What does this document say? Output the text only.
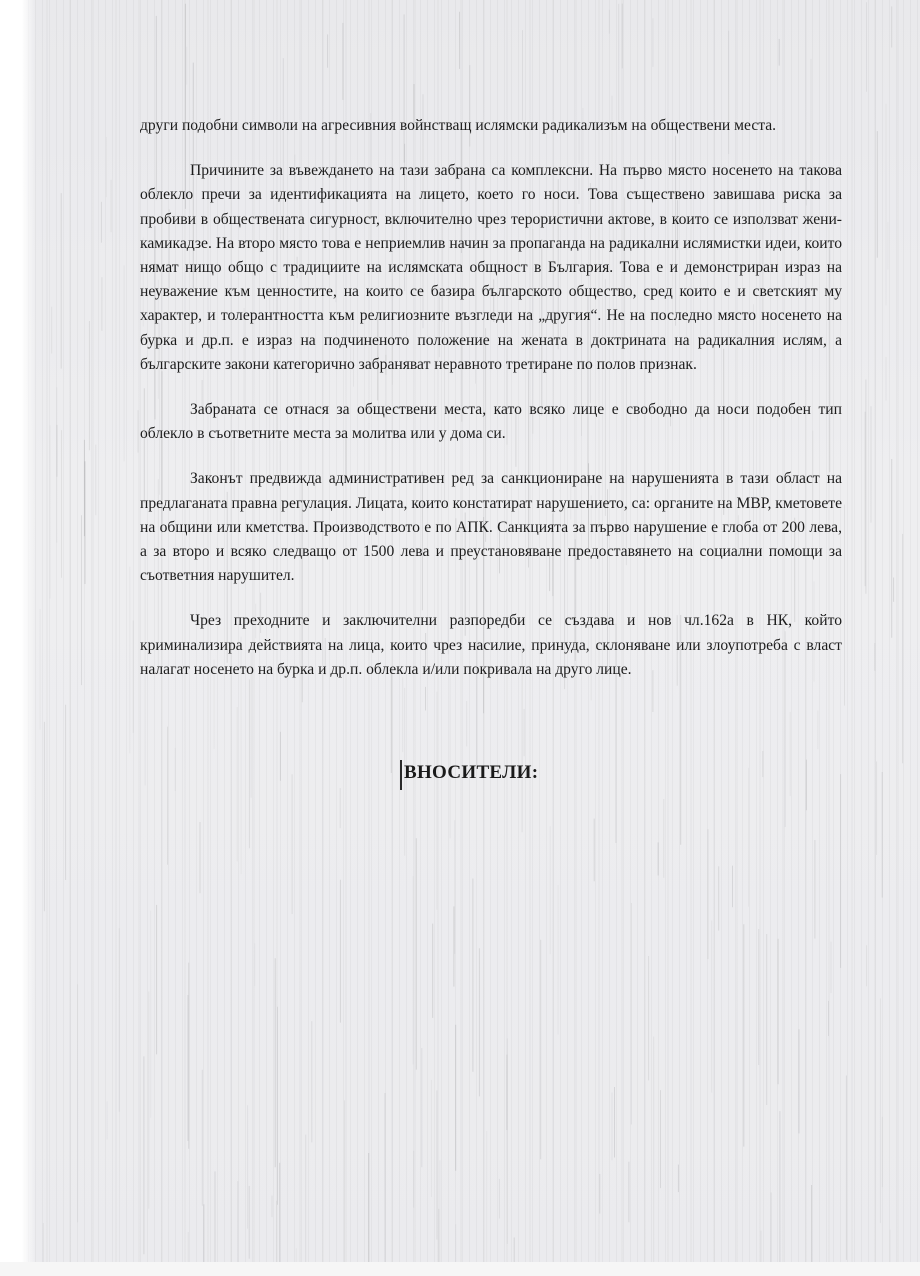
други подобни символи на агресивния войнстващ ислямски радикализъм на обществени места.

Причините за въвеждането на тази забрана са комплексни. На първо място носенето на такова облекло пречи за идентификацията на лицето, което го носи. Това съществено завишава риска за пробиви в обществената сигурност, включително чрез терористични актове, в които се използват жени-камикадзе. На второ място това е неприемлив начин за пропаганда на радикални ислямистки идеи, които нямат нищо общо с традициите на ислямската общност в България. Това е и демонстриран израз на неуважение към ценностите, на които се базира българското общество, сред които е и светският му характер, и толерантността към религиозните възгледи на „другия“. Не на последно място носенето на бурка и др.п. е израз на подчиненото положение на жената в доктрината на радикалния ислям, а българските закони категорично забраняват неравното третиране по полов признак.

Забраната се отнася за обществени места, като всяко лице е свободно да носи подобен тип облекло в съответните места за молитва или у дома си.

Законът предвижда административен ред за санкциониране на нарушенията в тази област на предлаганата правна регулация. Лицата, които констатират нарушението, са: органите на МВР, кметовете на общини или кметства. Производството е по АПК. Санкцията за първо нарушение е глоба от 200 лева, а за второ и всяко следващо от 1500 лева и преустановяване предоставянето на социални помощи за съответния нарушител.

Чрез преходните и заключителни разпоредби се създава и нов чл.162а в НК, който криминализира действията на лица, които чрез насилие, принуда, склоняване или злоупотреба с власт налагат носенето на бурка и др.п. облекла и/или покривала на друго лице.

ВНОСИТЕЛИ:
